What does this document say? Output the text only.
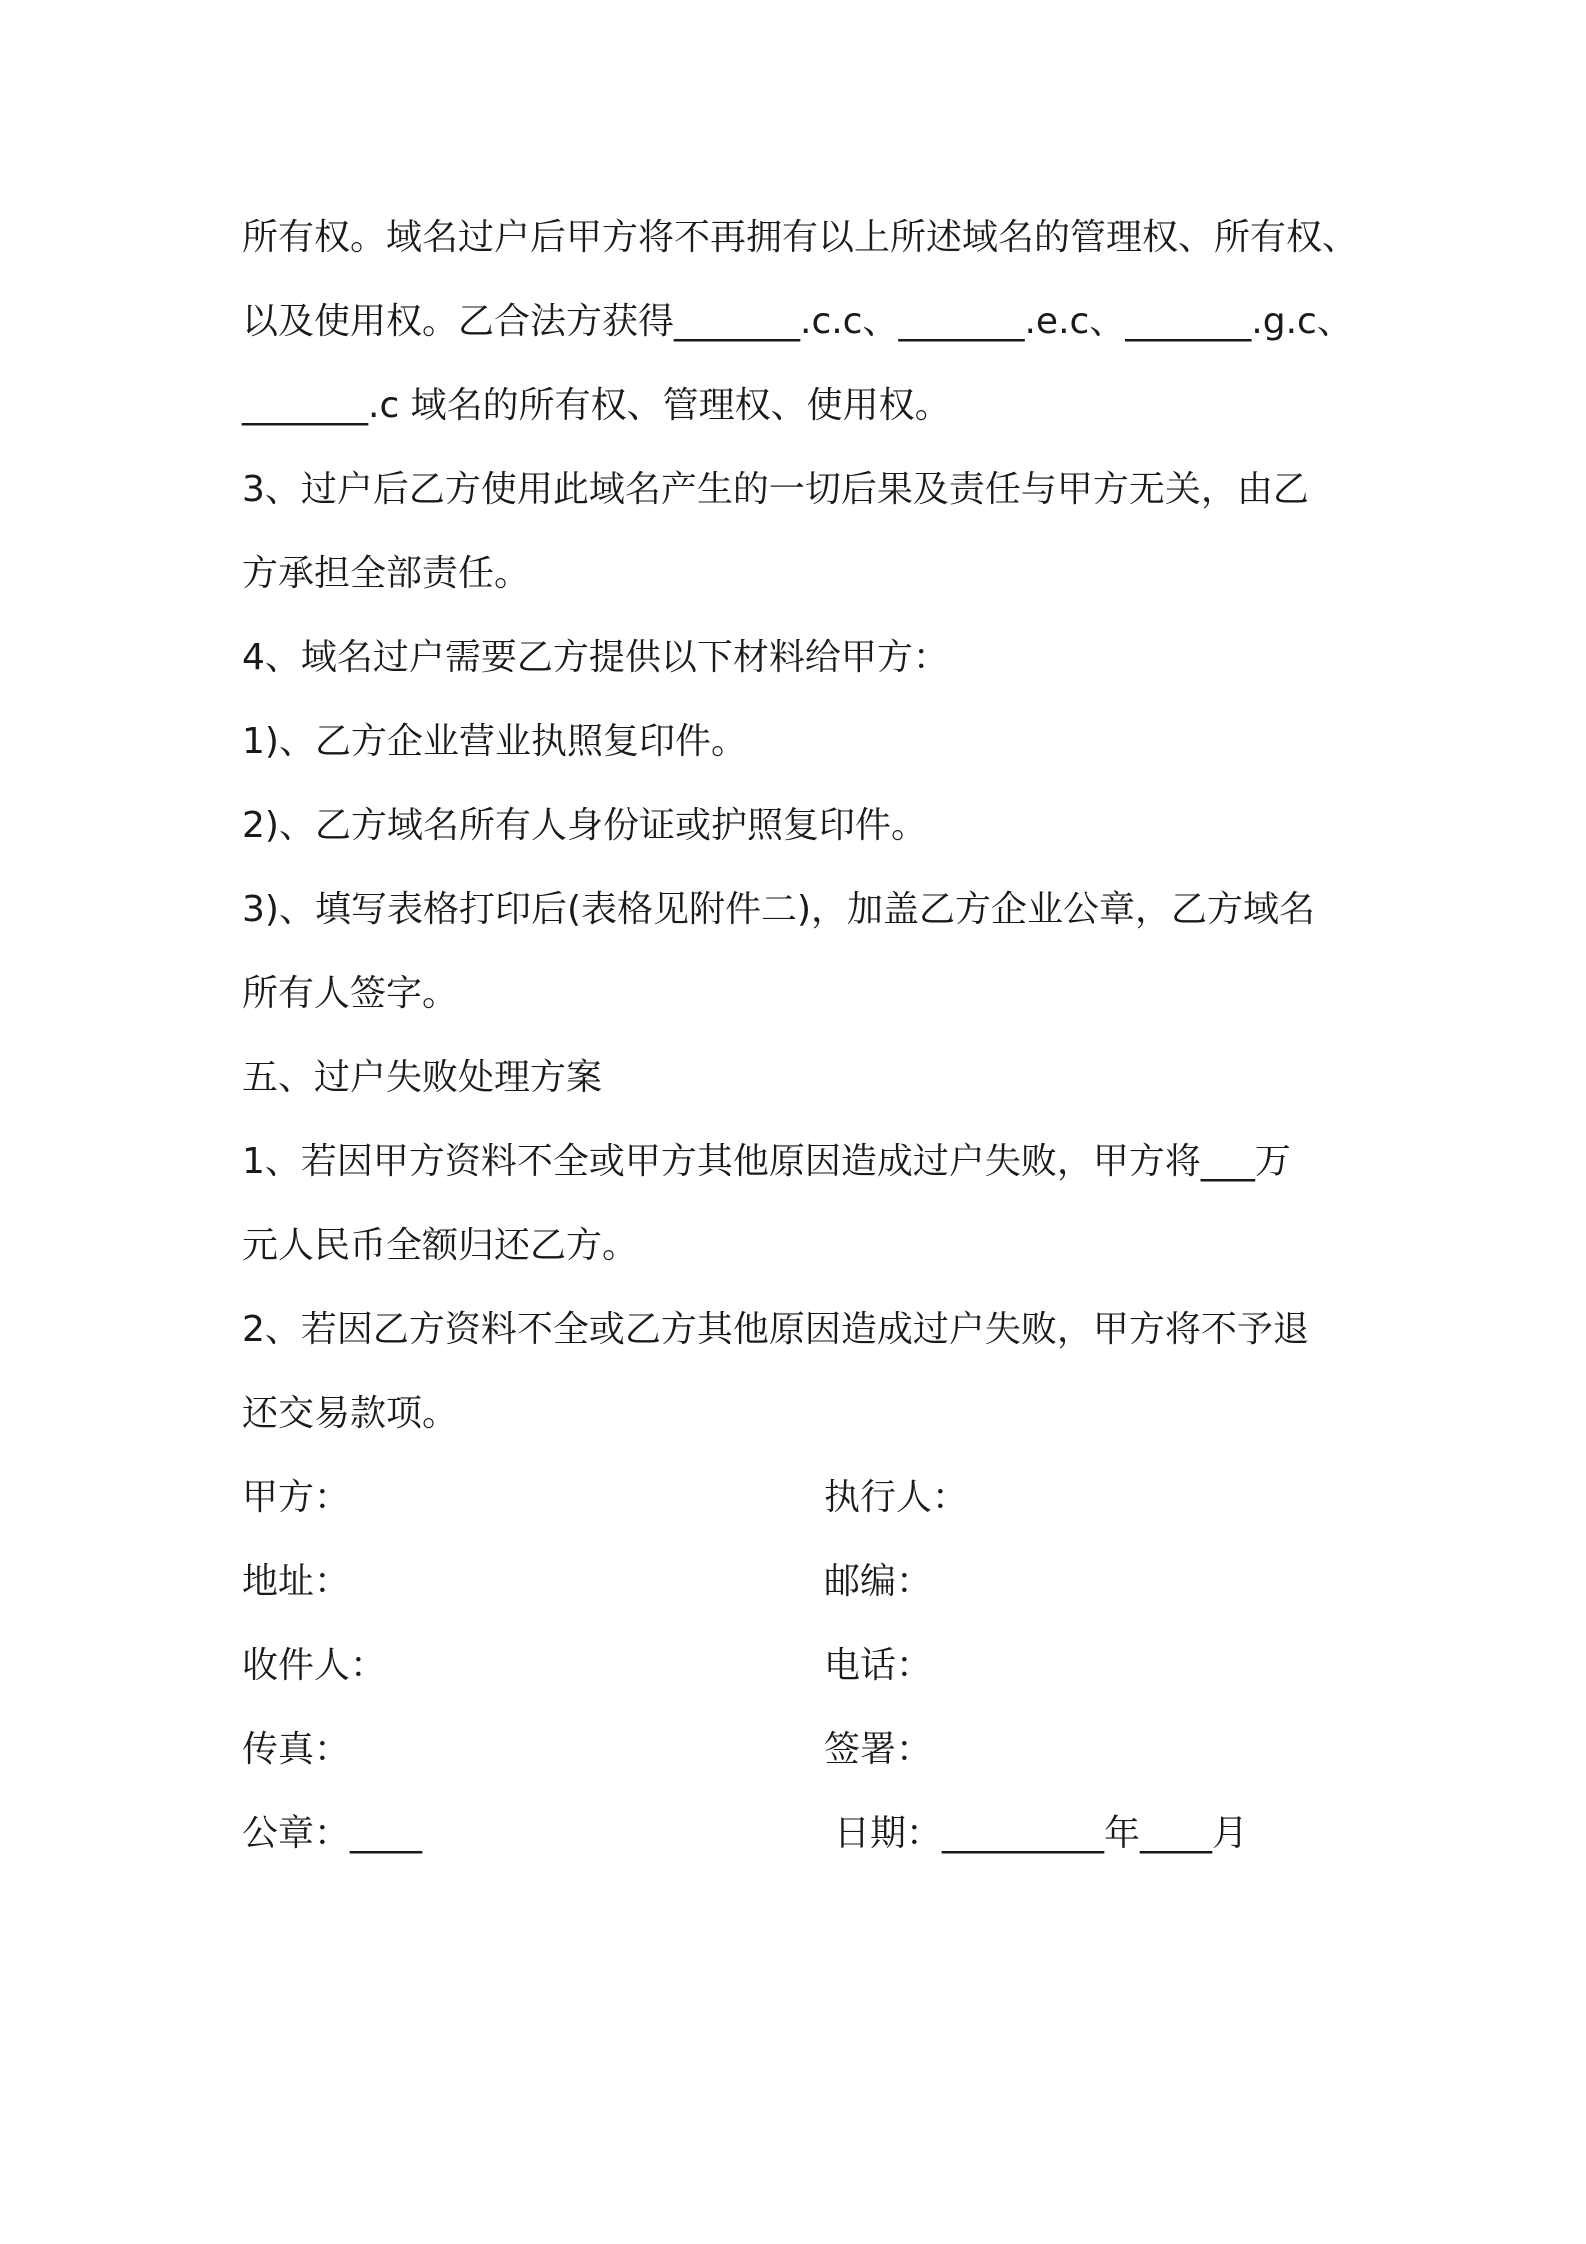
所有权。域名过户后甲方将不再拥有以上所述域名的管理权、所有权、

以及使用权。乙合法方获得_______.c.c、_______.e.c、_______.g.c、

_______.c 域名的所有权、管理权、使用权。

3、过户后乙方使用此域名产生的一切后果及责任与甲方无关，由乙

方承担全部责任。

4、域名过户需要乙方提供以下材料给甲方：

1)、乙方企业营业执照复印件。

2)、乙方域名所有人身份证或护照复印件。

3)、填写表格打印后(表格见附件二)，加盖乙方企业公章，乙方域名

所有人签字。

五、过户失败处理方案

1、若因甲方资料不全或甲方其他原因造成过户失败，甲方将___万

元人民币全额归还乙方。

2、若因乙方资料不全或乙方其他原因造成过户失败，甲方将不予退

还交易款项。

甲方：	执行人：
地址：	邮编：
收件人：	电话：
传真：	签署：
公章：____	日期：_________年____月
